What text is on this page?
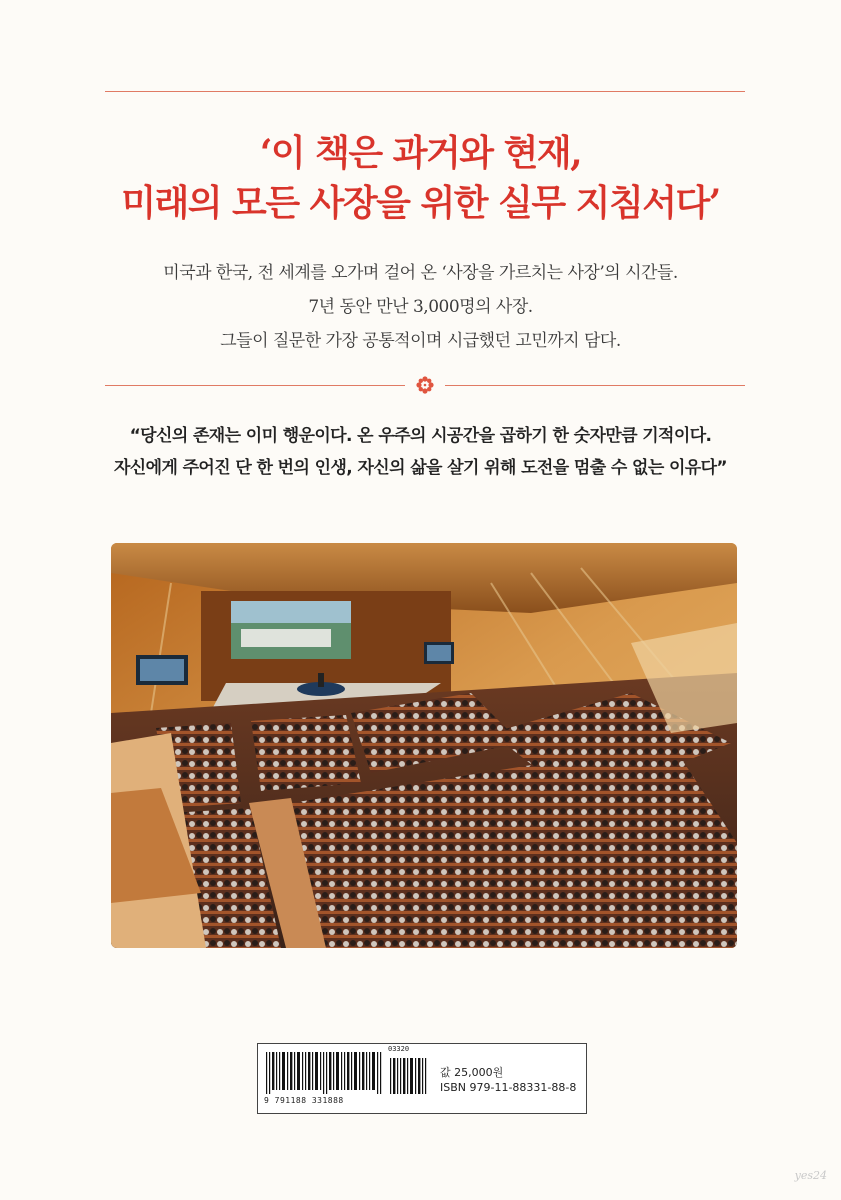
‘이 책은 과거와 현재,
미래의 모든 사장을 위한 실무 지침서다’
미국과 한국, 전 세계를 오가며 걸어 온 ‘사장을 가르치는 사장’의 시간들.
7년 동안 만난 3,000명의 사장.
그들이 질문한 가장 공통적이며 시급했던 고민까지 담다.
“당신의 존재는 이미 행운이다. 온 우주의 시공간을 곱하기 한 숫자만큼 기적이다.
자신에게 주어진 단 한 번의 인생, 자신의 삶을 살기 위해 도전을 멈출 수 없는 이유다”
03320
9 791188 331888
값 25,000원
ISBN 979-11-88331-88-8
yes24
